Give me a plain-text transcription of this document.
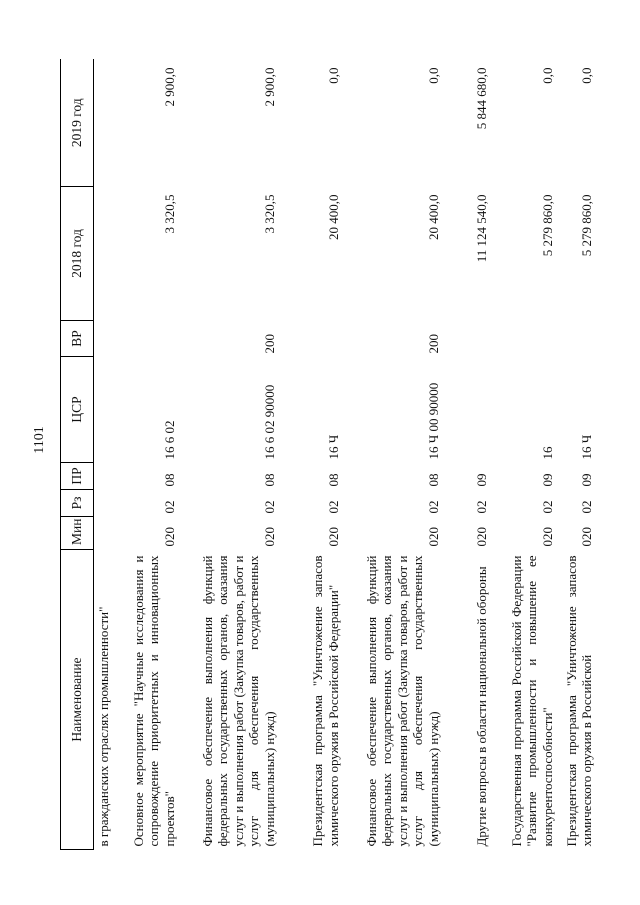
1101
Наименование	Мин	Рз	ПР	ЦСР	ВР	2018 год	2019 год
в гражданских отраслях промышленности"							
Основное мероприятие "Научные исследования и сопровождение приоритетных и инновационных проектов"	020	02	08	16 6 02		3 320,5	2 900,0
Финансовое обеспечение выполнения функций федеральных государственных органов, оказания услуг и выполнения работ (Закупка товаров, работ и услуг для обеспечения государственных (муниципальных) нужд)	020	02	08	16 6 02 90000	200	3 320,5	2 900,0
Президентская программа "Уничтожение запасов химического оружия в Российской Федерации"	020	02	08	16 Ч		20 400,0	0,0
Финансовое обеспечение выполнения функций федеральных государственных органов, оказания услуг и выполнения работ (Закупка товаров, работ и услуг для обеспечения государственных (муниципальных) нужд)	020	02	08	16 Ч 00 90000	200	20 400,0	0,0
Другие вопросы в области национальной обороны	020	02	09			11 124 540,0	5 844 680,0
Государственная программа Российской Федерации "Развитие промышленности и повышение ее конкурентоспособности"	020	02	09	16		5 279 860,0	0,0
Президентская программа "Уничтожение запасов химического оружия в Российской	020	02	09	16 Ч		5 279 860,0	0,0
